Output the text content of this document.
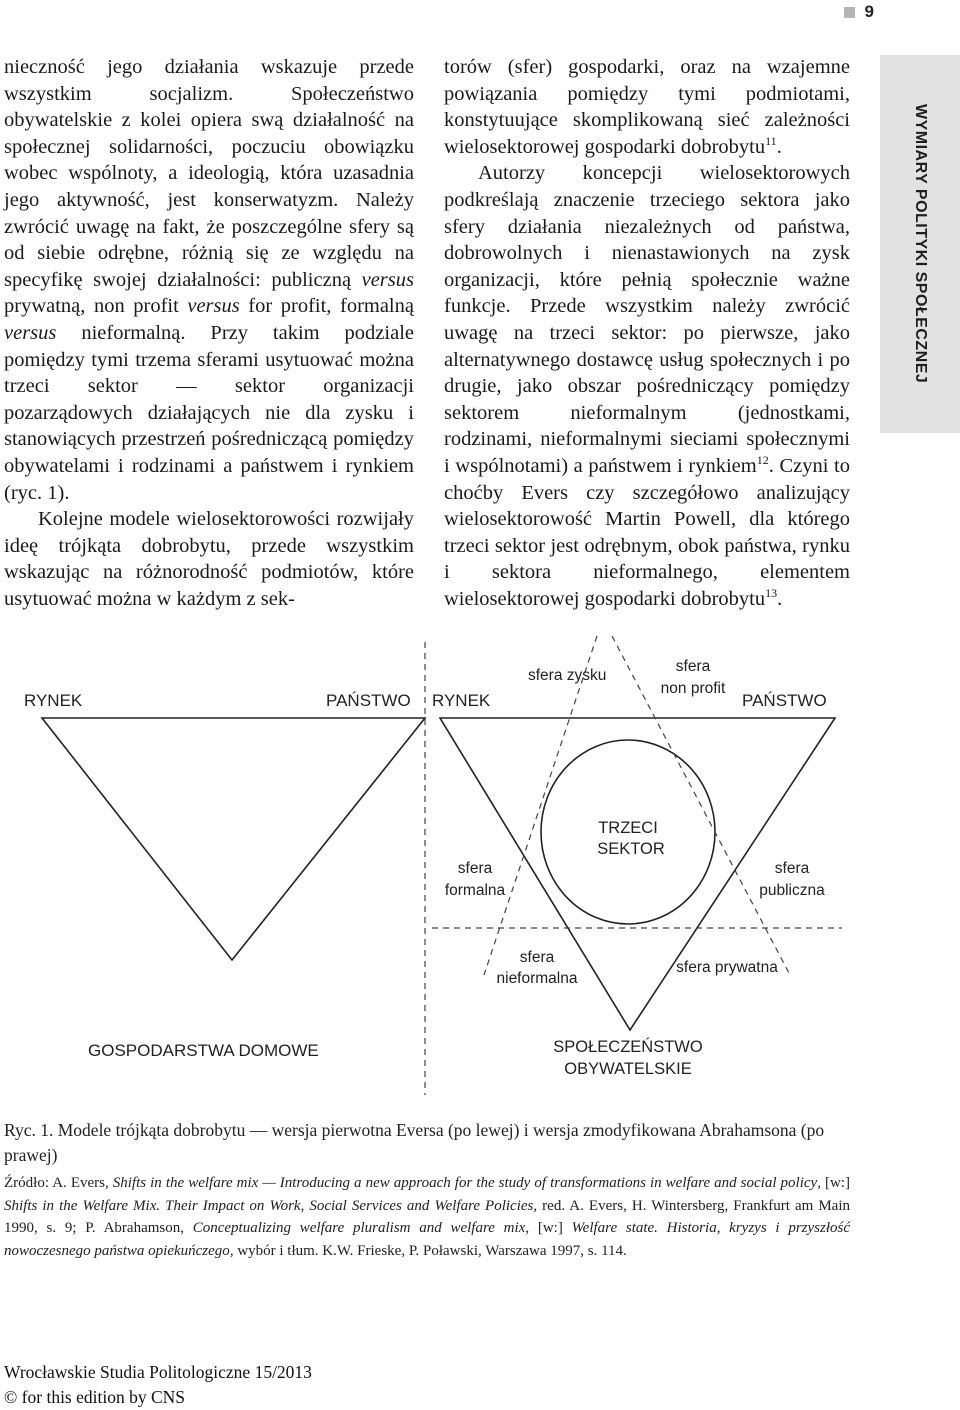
9

nieczność jego działania wskazuje przede wszystkim socjalizm. Społeczeństwo obywatelskie z kolei opiera swą działalność na społecznej solidarności, poczuciu obowiązku wobec wspólnoty, a ideologią, która uzasadnia jego aktywność, jest konserwatyzm. Należy zwrócić uwagę na fakt, że poszczególne sfery są od siebie odrębne, różnią się ze względu na specyfikę swojej działalności: publiczną versus prywatną, non profit versus for profit, formalną versus nieformalną. Przy takim podziale pomiędzy tymi trzema sferami usytuować można trzeci sektor — sektor organizacji pozarządowych działających nie dla zysku i stanowiących przestrzeń pośredniczącą pomiędzy obywatelami i rodzinami a państwem i rynkiem (ryc. 1).

Kolejne modele wielosektorowości rozwijały ideę trójkąta dobrobytu, przede wszystkim wskazując na różnorodność podmiotów, które usytuować można w każdym z sek-

torów (sfer) gospodarki, oraz na wzajemne powiązania pomiędzy tymi podmiotami, konstytuujące skomplikowaną sieć zależności wielosektorowej gospodarki dobrobytu$^{11}$.

Autorzy koncepcji wielosektorowych podkreślają znaczenie trzeciego sektora jako sfery działania niezależnych od państwa, dobrowolnych i nienastawionych na zysk organizacji, które pełnią społecznie ważne funkcje. Przede wszystkim należy zwrócić uwagę na trzeci sektor: po pierwsze, jako alternatywnego dostawcę usług społecznych i po drugie, jako obszar pośredniczący pomiędzy sektorem nieformalnym (jednostkami, rodzinami, nieformalnymi sieciami społecznymi i wspólnotami) a państwem i rynkiem$^{12}$. Czyni to choćby Evers czy szczegółowo analizujący wielosektorowość Martin Powell, dla którego trzeci sektor jest odrębnym, obok państwa, rynku i sektora nieformalnego, elementem wielosektorowej gospodarki dobrobytu$^{13}$.

WYMIARY POLITYKI SPOŁECZNEJ
RYNEK	PAŃSTWO
GOSPODARSTWA DOMOWE
RYNEK	PAŃSTWO
sfera zysku
sfera
non profit
TRZECI
SEKTOR
sfera
formalna
sfera
publiczna
sfera
nieformalna
sfera prywatna
SPOŁECZEŃSTWO
OBYWATELSKIE
Ryc. 1. Modele trójkąta dobrobytu — wersja pierwotna Eversa (po lewej) i wersja zmodyfikowana Abrahamsona (po prawej)
Źródło: A. Evers, Shifts in the welfare mix — Introducing a new approach for the study of transformations in welfare and social policy, [w:] Shifts in the Welfare Mix. Their Impact on Work, Social Services and Welfare Policies, red. A. Evers, H. Wintersberg, Frankfurt am Main 1990, s. 9; P. Abrahamson, Conceptualizing welfare pluralism and welfare mix, [w:] Welfare state. Historia, kryzys i przyszłość nowoczesnego państwa opiekuńczego, wybór i tłum. K.W. Frieske, P. Poławski, Warszawa 1997, s. 114.
Wrocławskie Studia Politologiczne 15/2013
© for this edition by CNS
